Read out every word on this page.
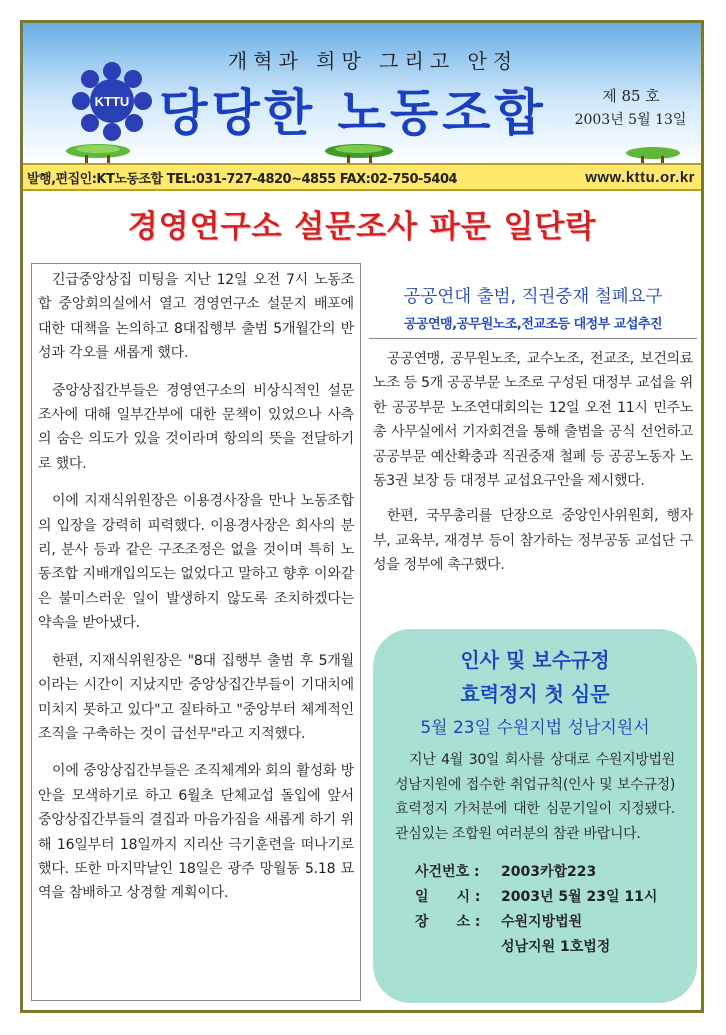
KTTU
개혁과 희망 그리고 안정
당당한 노동조합	제 85 호
2003년 5월 13일
발행,편집인:KT노동조합 TEL:031-727-4820~4855 FAX:02-750-5404	www.kttu.or.kr
경영연구소 설문조사 파문 일단락

긴급중앙상집 미팅을 지난 12일 오전 7시 노동조합 중앙회의실에서 열고 경영연구소 설문지 배포에 대한 대책을 논의하고 8대집행부 출범 5개월간의 반성과 각오를 새롭게 했다.

중앙상집간부들은 경영연구소의 비상식적인 설문조사에 대해 일부간부에 대한 문책이 있었으나 사측의 숨은 의도가 있을 것이라며 항의의 뜻을 전달하기로 했다.

이에 지재식위원장은 이용경사장을 만나 노동조합의 입장을 강력히 피력했다. 이용경사장은 회사의 분리, 분사 등과 같은 구조조정은 없을 것이며 특히 노동조합 지배개입의도는 없었다고 말하고 향후 이와같은 불미스러운 일이 발생하지 않도록 조치하겠다는 약속을 받아냈다.

한편, 지재식위원장은 "8대 집행부 출범 후 5개월이라는 시간이 지났지만 중앙상집간부들이 기대치에 미치지 못하고 있다"고 질타하고 "중앙부터 체계적인 조직을 구축하는 것이 급선무"라고 지적했다.

이에 중앙상집간부들은 조직체계와 회의 활성화 방안을 모색하기로 하고 6월초 단체교섭 돌입에 앞서 중앙상집간부들의 결집과 마음가짐을 새롭게 하기 위해 16일부터 18일까지 지리산 극기훈련을 떠나기로 했다. 또한 마지막날인 18일은 광주 망월동 5.18 묘역을 참배하고 상경할 계획이다.

공공연대 출범, 직권중재 철폐요구
공공연맹,공무원노조,전교조등 대정부 교섭추진

공공연맹, 공무원노조, 교수노조, 전교조, 보건의료노조 등 5개 공공부문 노조로 구성된 대정부 교섭을 위한 공공부문 노조연대회의는 12일 오전 11시 민주노총 사무실에서 기자회견을 통해 출범을 공식 선언하고 공공부문 예산확충과 직권중재 철폐 등 공공노동자 노동3권 보장 등 대정부 교섭요구안을 제시했다.

한편, 국무총리를 단장으로 중앙인사위원회, 행자부, 교육부, 재경부 등이 참가하는 정부공동 교섭단 구성을 정부에 촉구했다.

인사 및 보수규정
효력정지 첫 심문
5월 23일 수원지법 성남지원서

지난 4월 30일 회사를 상대로 수원지방법원 성남지원에 접수한 취업규칙(인사 및 보수규정)효력정지 가처분에 대한 심문기일이 지정됐다. 관심있는 조합원 여러분의 참관 바랍니다.

사건번호 :	2003카합223
일　　시 :	2003년 5월 23일 11시
장　　소 :	수원지방법원
성남지원 1호법정
